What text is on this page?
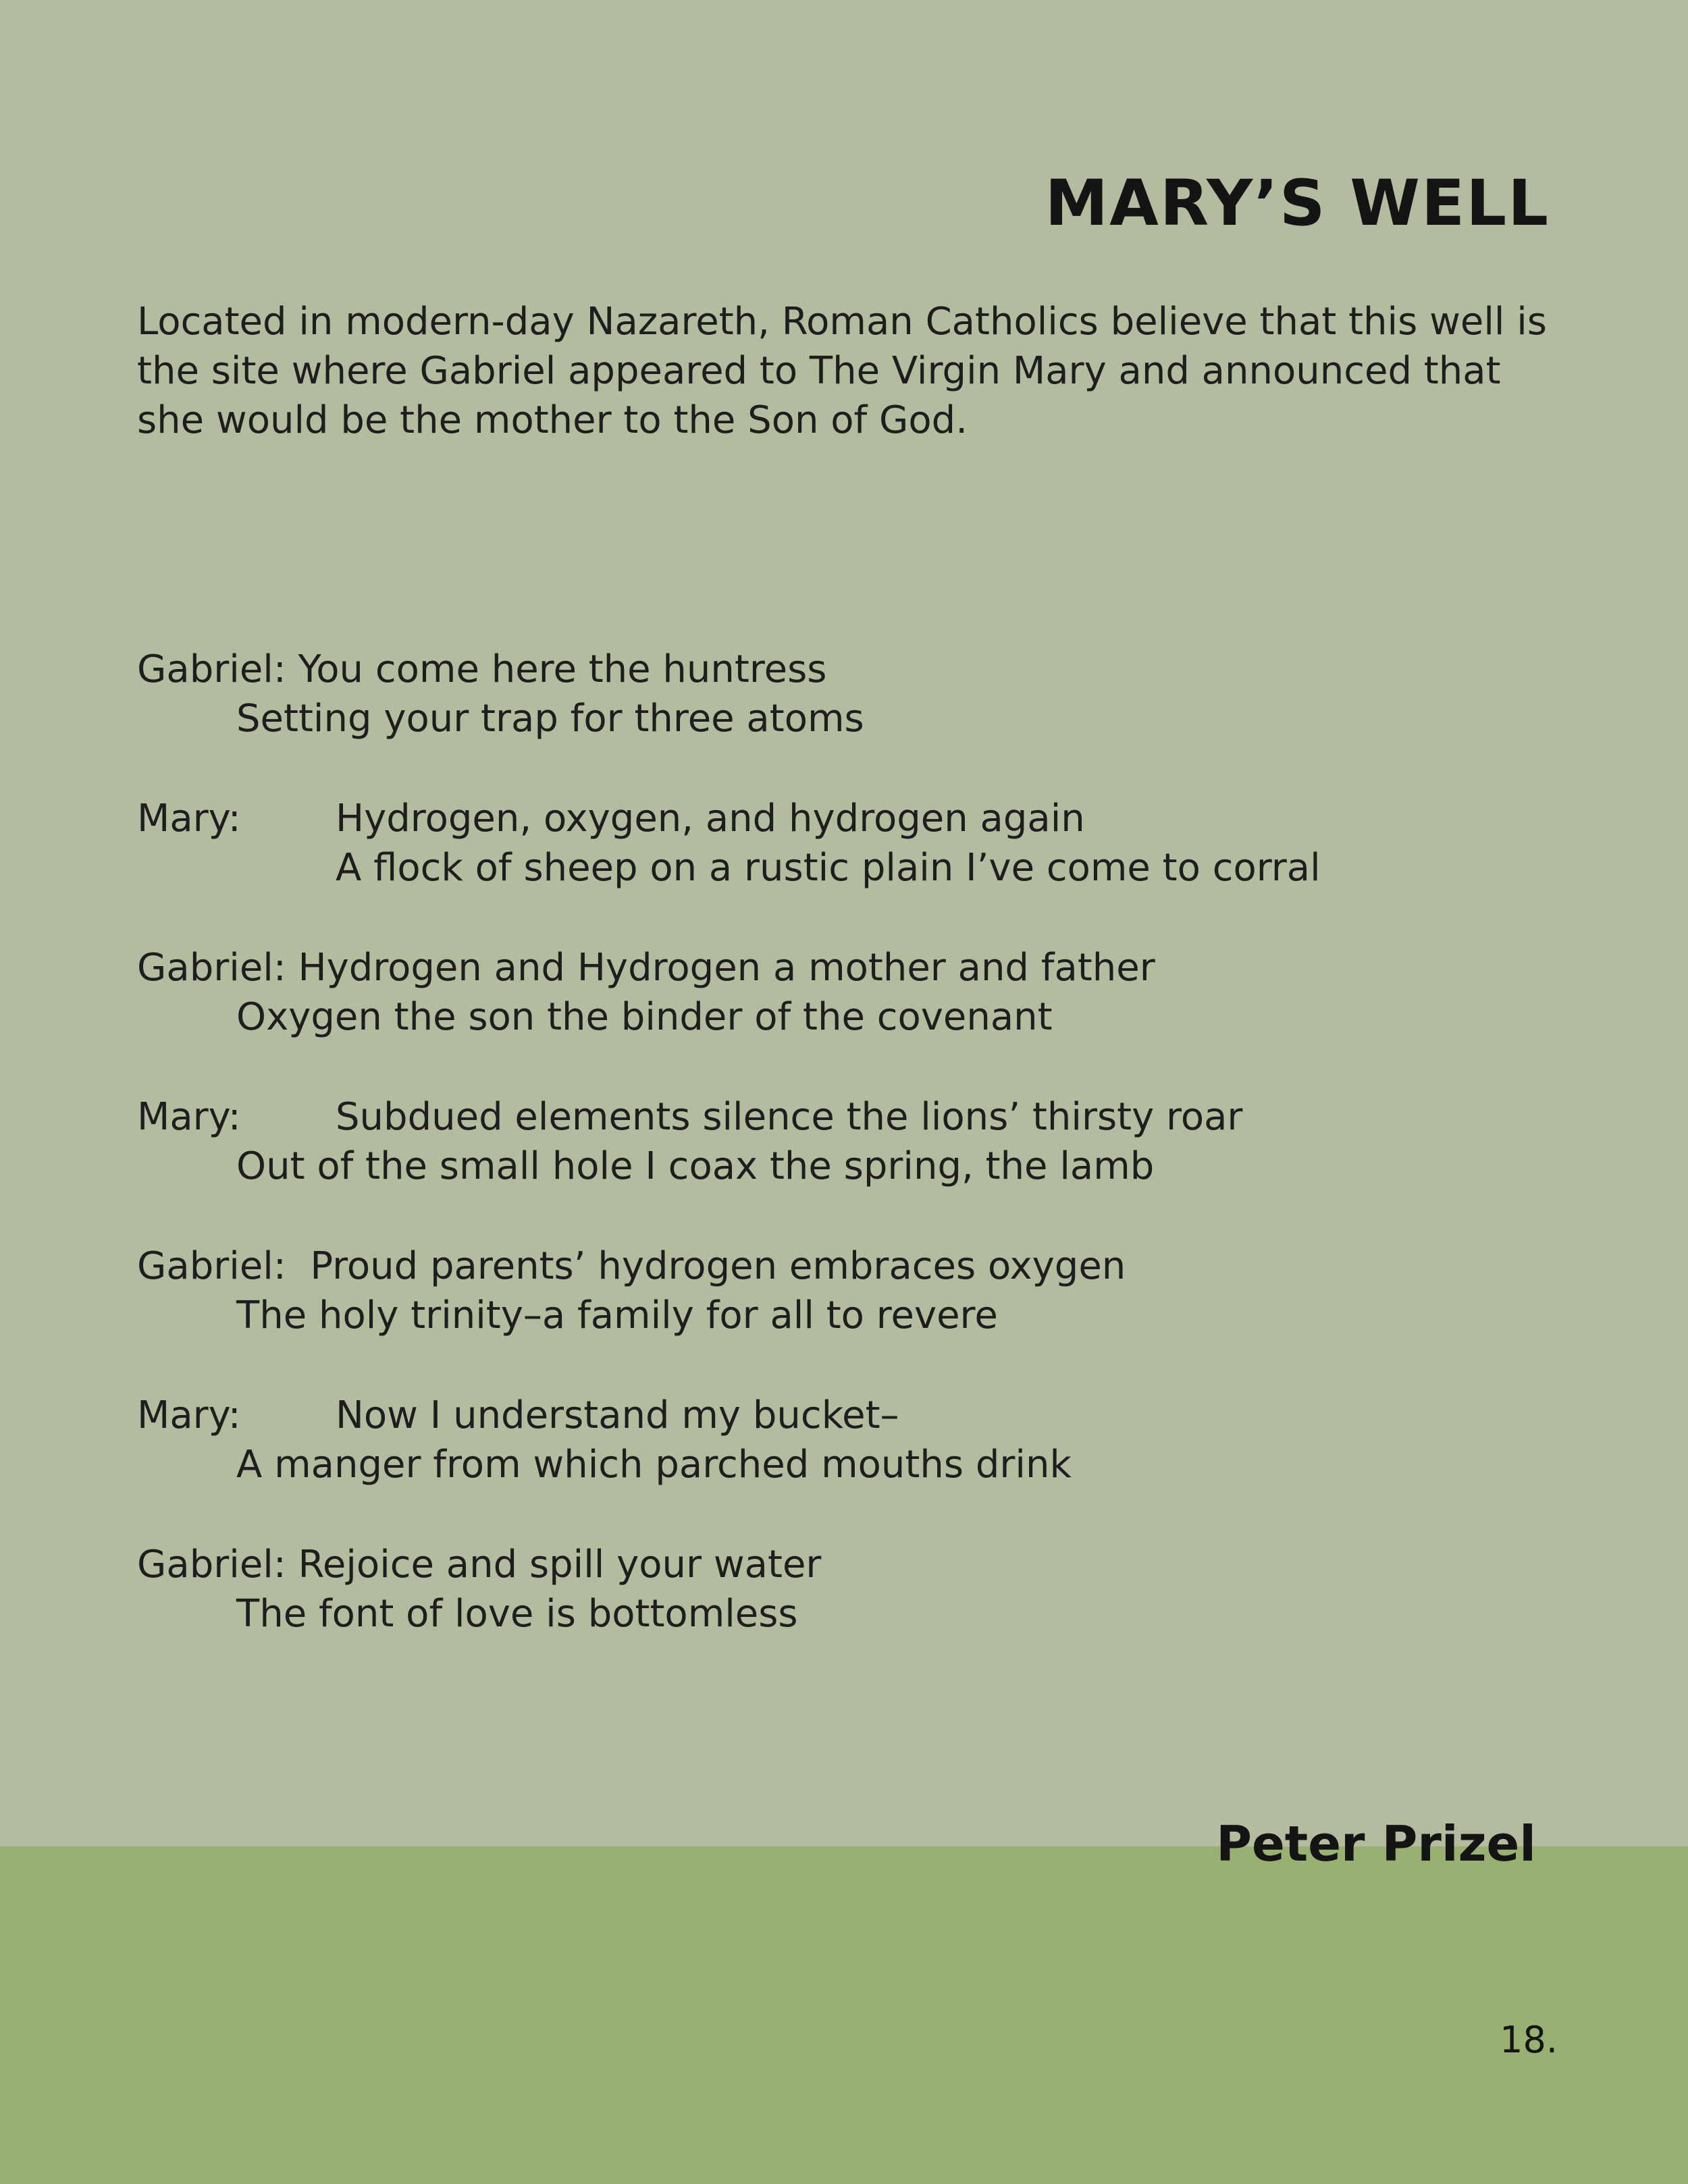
MARY’S WELL

Located in modern-day Nazareth, Roman Catholics believe that this well is the site where Gabriel appeared to The Virgin Mary and announced that she would be the mother to the Son of God.

Gabriel: You come here the huntress
Setting your trap for three atoms
Mary:	Hydrogen, oxygen, and hydrogen again
A flock of sheep on a rustic plain I’ve come to corral
Gabriel: Hydrogen and Hydrogen a mother and father
Oxygen the son the binder of the covenant
Mary:	Subdued elements silence the lions’ thirsty roar
Out of the small hole I coax the spring, the lamb
Gabriel:  Proud parents’ hydrogen embraces oxygen
The holy trinity–a family for all to revere
Mary:	Now I understand my bucket–
A manger from which parched mouths drink
Gabriel: Rejoice and spill your water
The font of love is bottomless

Peter Prizel

18.
